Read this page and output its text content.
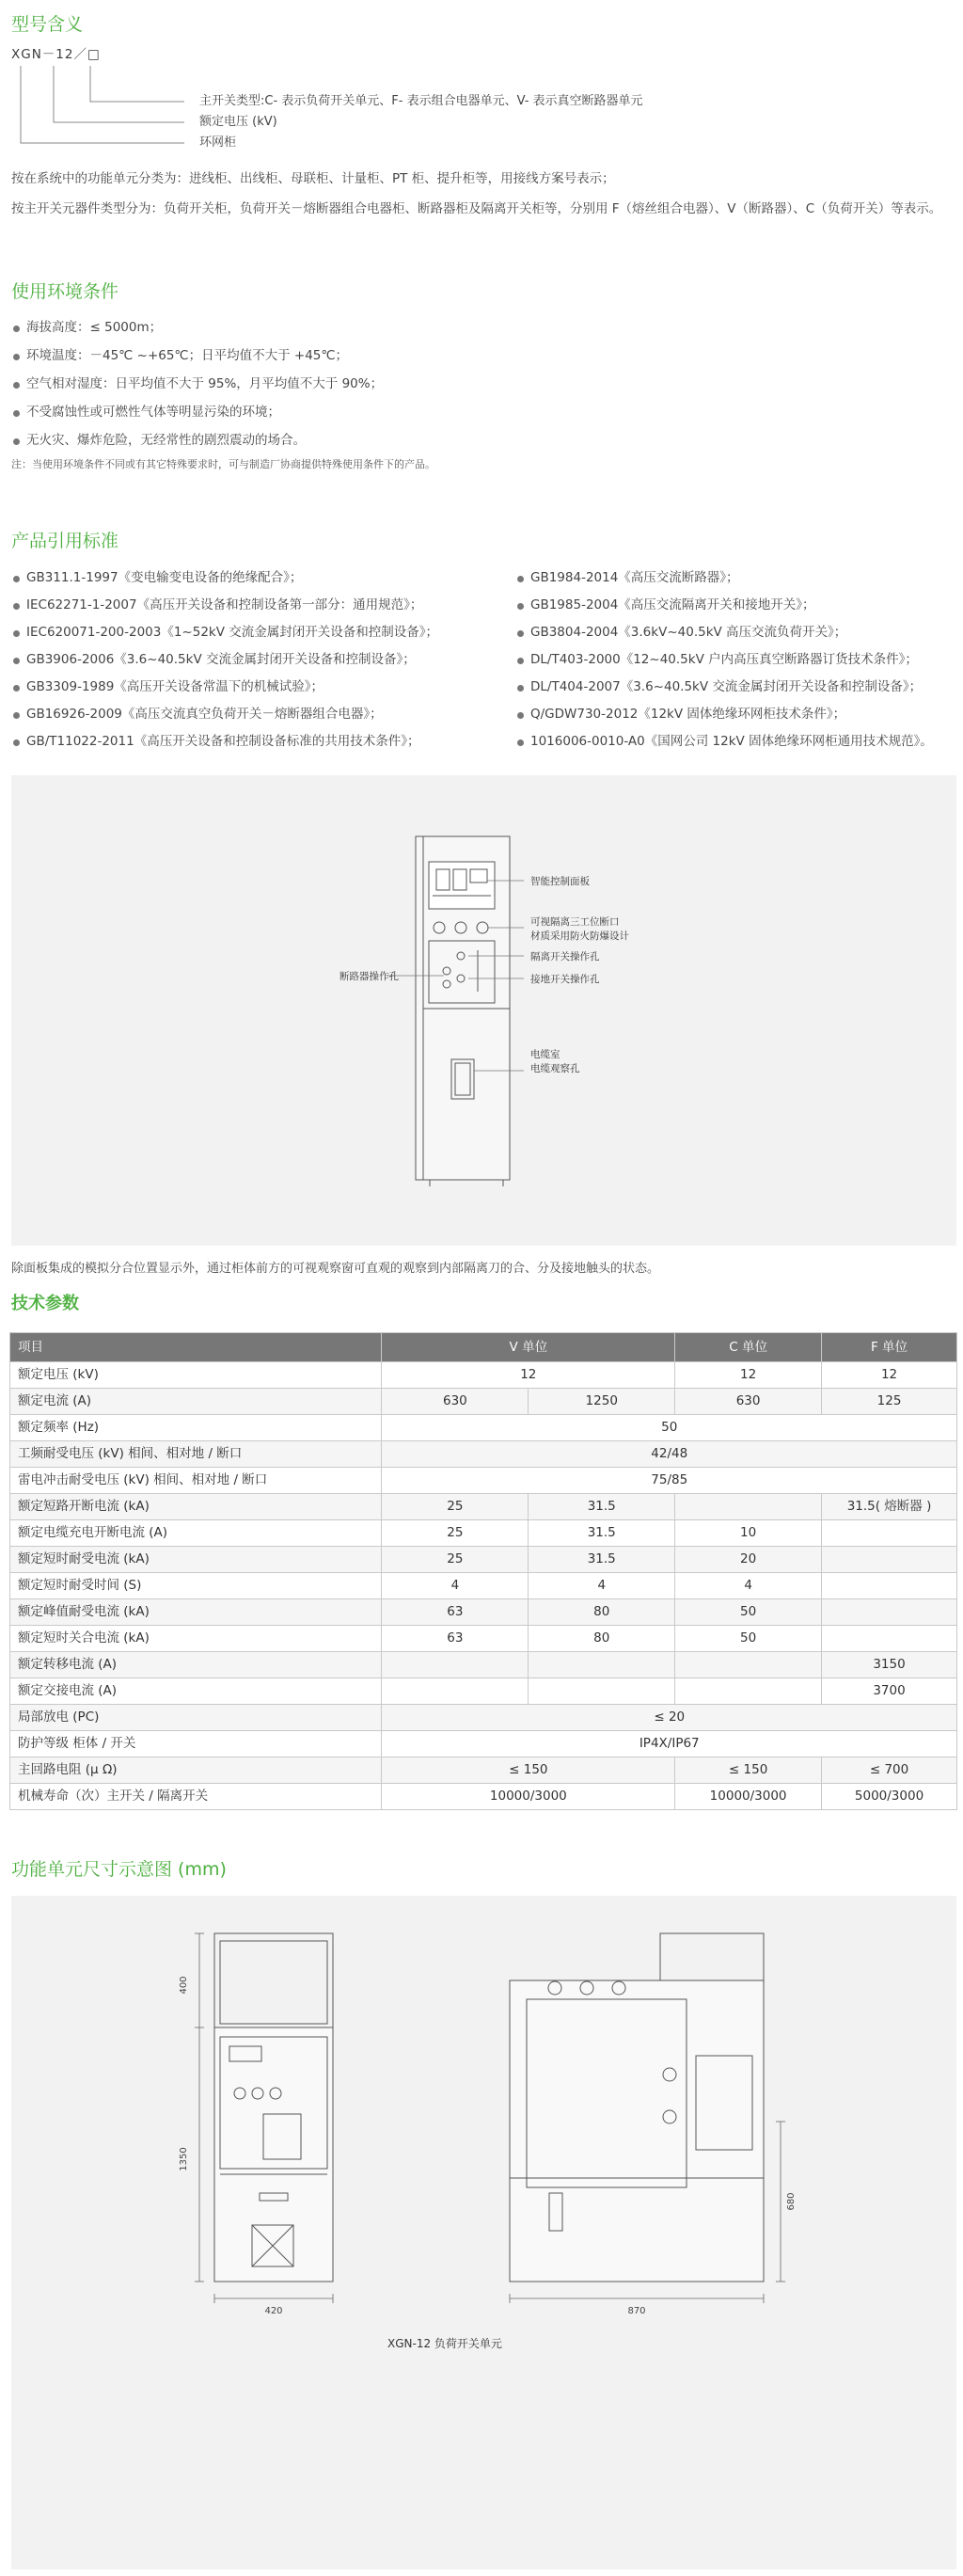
型号含义
XGN－12／□
主开关类型:C- 表示负荷开关单元、F- 表示组合电器单元、V- 表示真空断路器单元
额定电压 (kV)
环网柜
按在系统中的功能单元分类为：进线柜、出线柜、母联柜、计量柜、PT 柜、提升柜等，用接线方案号表示；
按主开关元器件类型分为：负荷开关柜，负荷开关－熔断器组合电器柜、断路器柜及隔离开关柜等，分别用 F（熔丝组合电器）、V（断路器）、C（负荷开关）等表示。
使用环境条件
海拔高度：≤ 5000m；
环境温度：－45℃ ~+65℃；日平均值不大于 +45℃；
空气相对湿度：日平均值不大于 95%，月平均值不大于 90%；
不受腐蚀性或可燃性气体等明显污染的环境；
无火灾、爆炸危险，无经常性的剧烈震动的场合。
注：当使用环境条件不同或有其它特殊要求时，可与制造厂协商提供特殊使用条件下的产品。
产品引用标准
GB311.1-1997《变电输变电设备的绝缘配合》；
IEC62271-1-2007《高压开关设备和控制设备第一部分：通用规范》；
IEC620071-200-2003《1~52kV 交流金属封闭开关设备和控制设备》；
GB3906-2006《3.6~40.5kV 交流金属封闭开关设备和控制设备》；
GB3309-1989《高压开关设备常温下的机械试验》；
GB16926-2009《高压交流真空负荷开关－熔断器组合电器》；
GB/T11022-2011《高压开关设备和控制设备标准的共用技术条件》；
GB1984-2014《高压交流断路器》；
GB1985-2004《高压交流隔离开关和接地开关》；
GB3804-2004《3.6kV~40.5kV 高压交流负荷开关》；
DL/T403-2000《12~40.5kV 户内高压真空断路器订货技术条件》；
DL/T404-2007《3.6~40.5kV 交流金属封闭开关设备和控制设备》；
Q/GDW730-2012《12kV 固体绝缘环网柜技术条件》；
1016006-0010-A0《国网公司 12kV 固体绝缘环网柜通用技术规范》。
智能控制面板
可视隔离三工位断口
材质采用防火防爆设计
隔离开关操作孔
接地开关操作孔
断路器操作孔
电缆室
电缆观察孔
除面板集成的模拟分合位置显示外，通过柜体前方的可视观察窗可直观的观察到内部隔离刀的合、分及接地触头的状态。
技术参数
项目	V 单位		C 单位	F 单位
额定电压 (kV)	12		12	12
额定电流 (A)	630	1250	630	125
额定频率 (Hz)	50			
工频耐受电压 (kV) 相间、相对地 / 断口	42/48			
雷电冲击耐受电压 (kV) 相间、相对地 / 断口	75/85			
额定短路开断电流 (kA)	25	31.5		31.5( 熔断器 )
额定电缆充电开断电流 (A)	25	31.5	10	
额定短时耐受电流 (kA)	25	31.5	20	
额定短时耐受时间 (S)	4	4	4	
额定峰值耐受电流 (kA)	63	80	50	
额定短时关合电流 (kA)	63	80	50	
额定转移电流 (A)				3150
额定交接电流 (A)				3700
局部放电 (PC)	≤ 20			
防护等级 柜体 / 开关	IP4X/IP67			
主回路电阻 (μ Ω)	≤ 150		≤ 150	≤ 700
机械寿命（次）主开关 / 隔离开关	10000/3000		10000/3000	5000/3000
功能单元尺寸示意图 (mm)
400
1350
420	870
680
XGN-12 负荷开关单元
